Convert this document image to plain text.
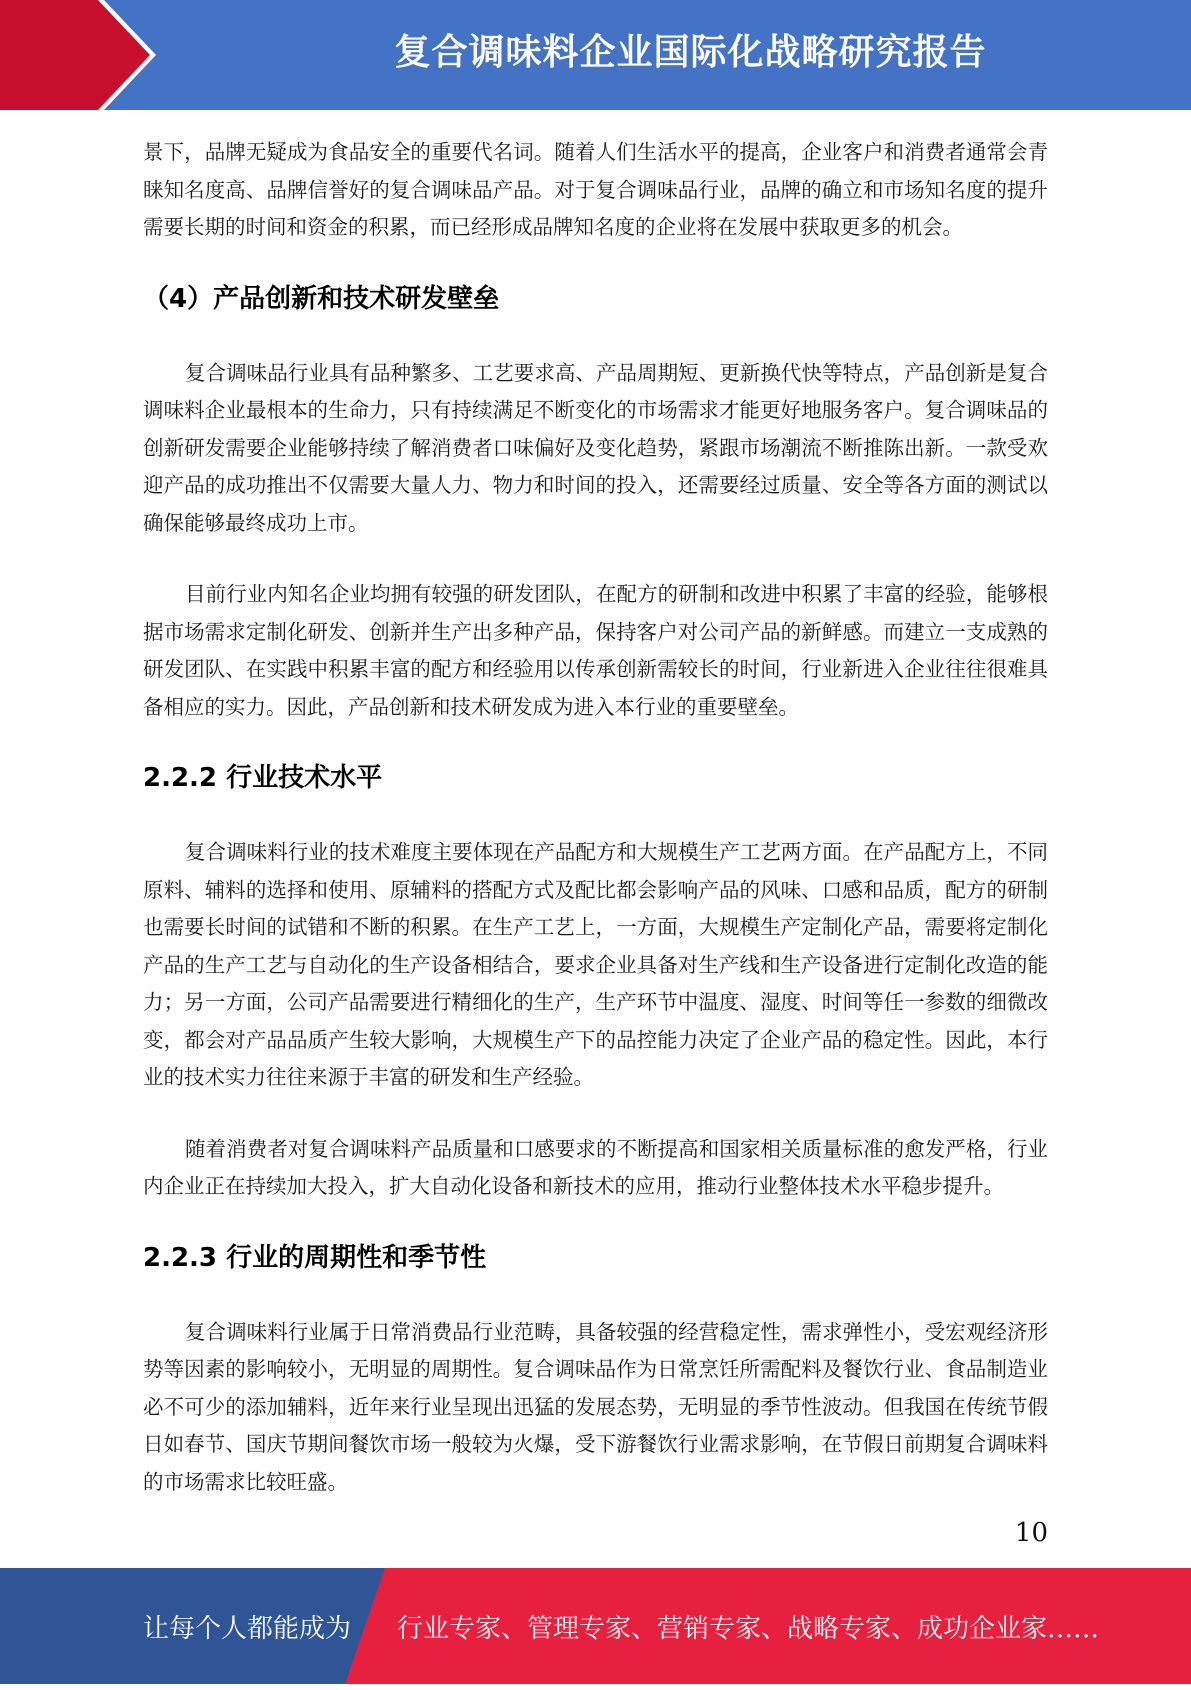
复合调味料企业国际化战略研究报告

景下，品牌无疑成为食品安全的重要代名词。随着人们生活水平的提高，企业客户和消费者通常会青睐知名度高、品牌信誉好的复合调味品产品。对于复合调味品行业，品牌的确立和市场知名度的提升需要长期的时间和资金的积累，而已经形成品牌知名度的企业将在发展中获取更多的机会。

（4）产品创新和技术研发壁垒

复合调味品行业具有品种繁多、工艺要求高、产品周期短、更新换代快等特点，产品创新是复合调味料企业最根本的生命力，只有持续满足不断变化的市场需求才能更好地服务客户。复合调味品的创新研发需要企业能够持续了解消费者口味偏好及变化趋势，紧跟市场潮流不断推陈出新。一款受欢迎产品的成功推出不仅需要大量人力、物力和时间的投入，还需要经过质量、安全等各方面的测试以确保能够最终成功上市。

目前行业内知名企业均拥有较强的研发团队，在配方的研制和改进中积累了丰富的经验，能够根据市场需求定制化研发、创新并生产出多种产品，保持客户对公司产品的新鲜感。而建立一支成熟的研发团队、在实践中积累丰富的配方和经验用以传承创新需较长的时间，行业新进入企业往往很难具备相应的实力。因此，产品创新和技术研发成为进入本行业的重要壁垒。

2.2.2 行业技术水平

复合调味料行业的技术难度主要体现在产品配方和大规模生产工艺两方面。在产品配方上，不同原料、辅料的选择和使用、原辅料的搭配方式及配比都会影响产品的风味、口感和品质，配方的研制也需要长时间的试错和不断的积累。在生产工艺上，一方面，大规模生产定制化产品，需要将定制化产品的生产工艺与自动化的生产设备相结合，要求企业具备对生产线和生产设备进行定制化改造的能力；另一方面，公司产品需要进行精细化的生产，生产环节中温度、湿度、时间等任一参数的细微改变，都会对产品品质产生较大影响，大规模生产下的品控能力决定了企业产品的稳定性。因此，本行业的技术实力往往来源于丰富的研发和生产经验。

随着消费者对复合调味料产品质量和口感要求的不断提高和国家相关质量标准的愈发严格，行业内企业正在持续加大投入，扩大自动化设备和新技术的应用，推动行业整体技术水平稳步提升。

2.2.3 行业的周期性和季节性

复合调味料行业属于日常消费品行业范畴，具备较强的经营稳定性，需求弹性小，受宏观经济形势等因素的影响较小，无明显的周期性。复合调味品作为日常烹饪所需配料及餐饮行业、食品制造业必不可少的添加辅料，近年来行业呈现出迅猛的发展态势，无明显的季节性波动。但我国在传统节假日如春节、国庆节期间餐饮市场一般较为火爆，受下游餐饮行业需求影响，在节假日前期复合调味料的市场需求比较旺盛。

10
让每个人都能成为 行业专家、管理专家、营销专家、战略专家、成功企业家……
